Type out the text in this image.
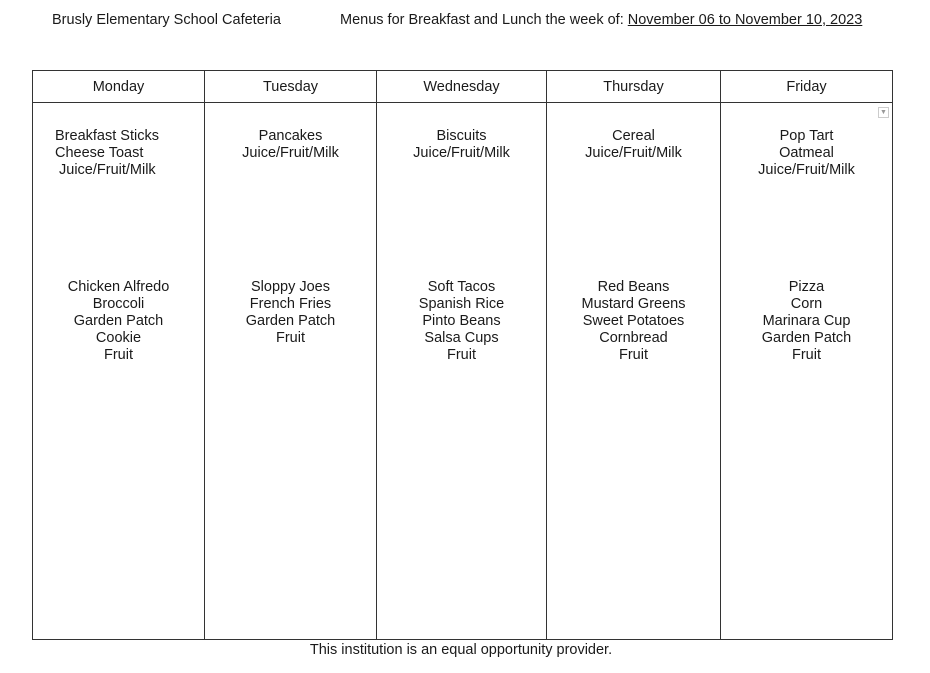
Brusly Elementary School Cafeteria	Menus for Breakfast and Lunch the week of: November 06 to November 10, 2023
Monday
Breakfast Sticks
Cheese Toast
Juice/Fruit/Milk
Chicken Alfredo
Broccoli
Garden Patch
Cookie
Fruit
Tuesday
Pancakes
Juice/Fruit/Milk
Sloppy Joes
French Fries
Garden Patch
Fruit
Wednesday
Biscuits
Juice/Fruit/Milk
Soft Tacos
Spanish Rice
Pinto Beans
Salsa Cups
Fruit
Thursday
Cereal
Juice/Fruit/Milk
Red Beans
Mustard Greens
Sweet Potatoes
Cornbread
Fruit
Friday
▼
Pop Tart
Oatmeal
Juice/Fruit/Milk
Pizza
Corn
Marinara Cup
Garden Patch
Fruit
This institution is an equal opportunity provider.
